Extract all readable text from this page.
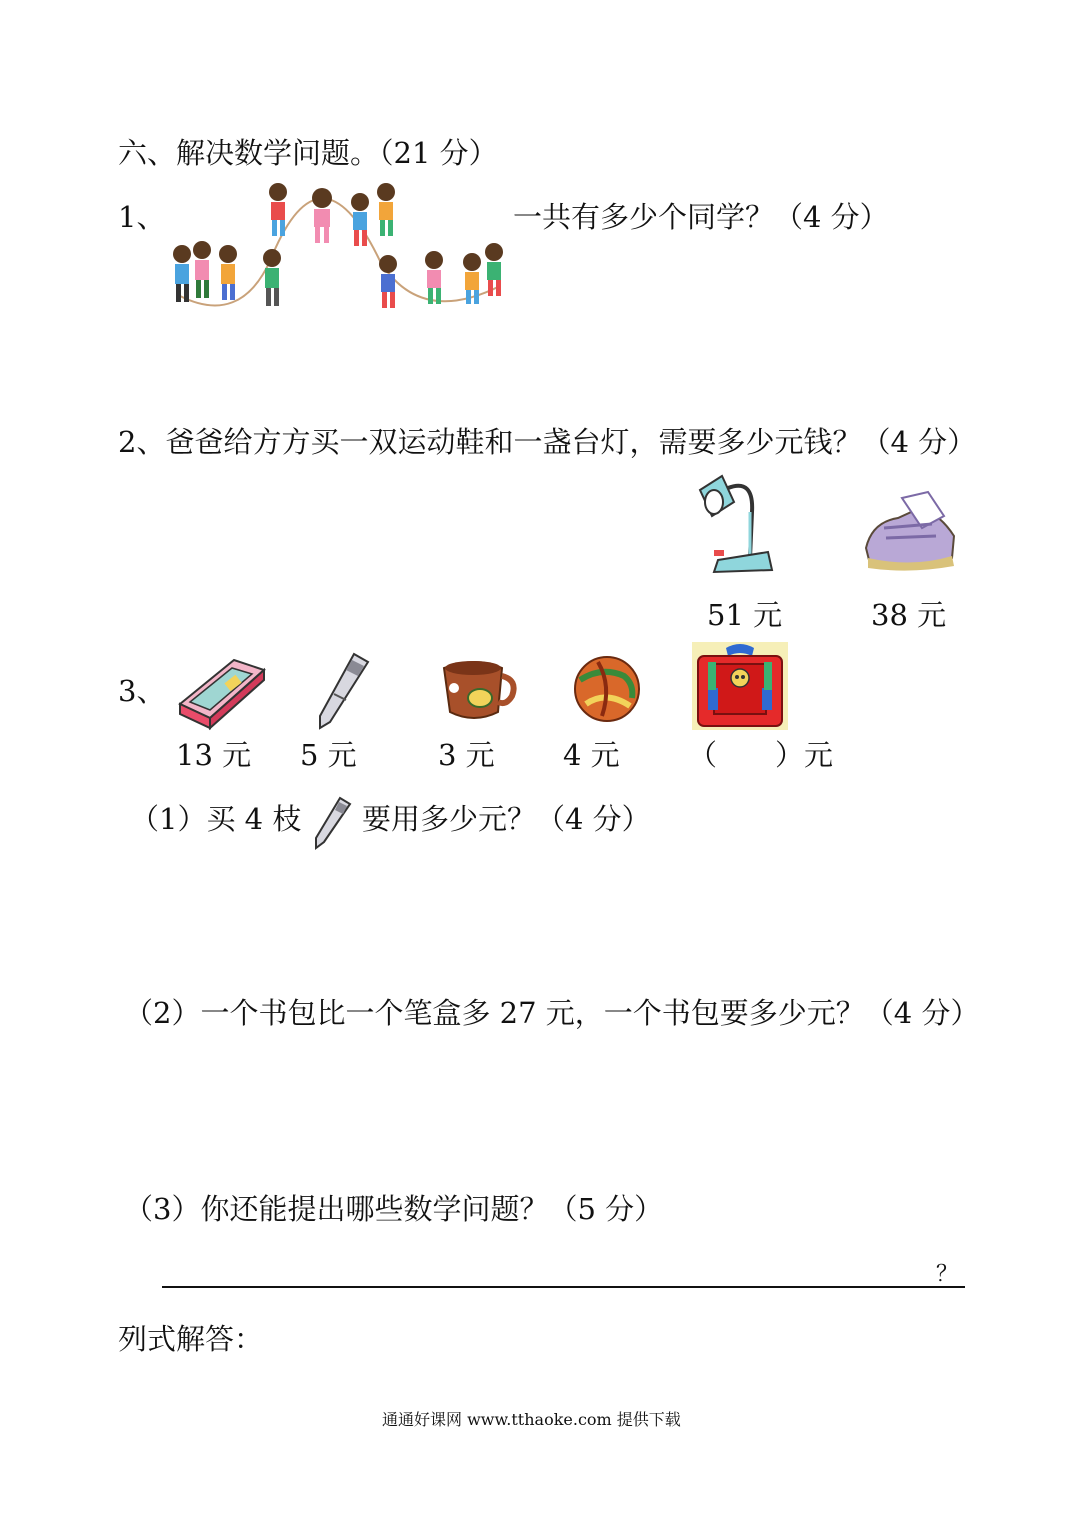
六、解决数学问题。（21 分）
1、	一共有多少个同学？（4 分）
2、爸爸给方方买一双运动鞋和一盏台灯，需要多少元钱？（4 分）
51 元	38 元
3、
13 元 5 元	3 元 4 元 （　　）元
（1）买 4 枝 要用多少元？（4 分）
（2）一个书包比一个笔盒多 27 元，一个书包要多少元？（4 分）
（3）你还能提出哪些数学问题？（5 分）
？
列式解答：
通通好课网 www.tthaoke.com 提供下载
